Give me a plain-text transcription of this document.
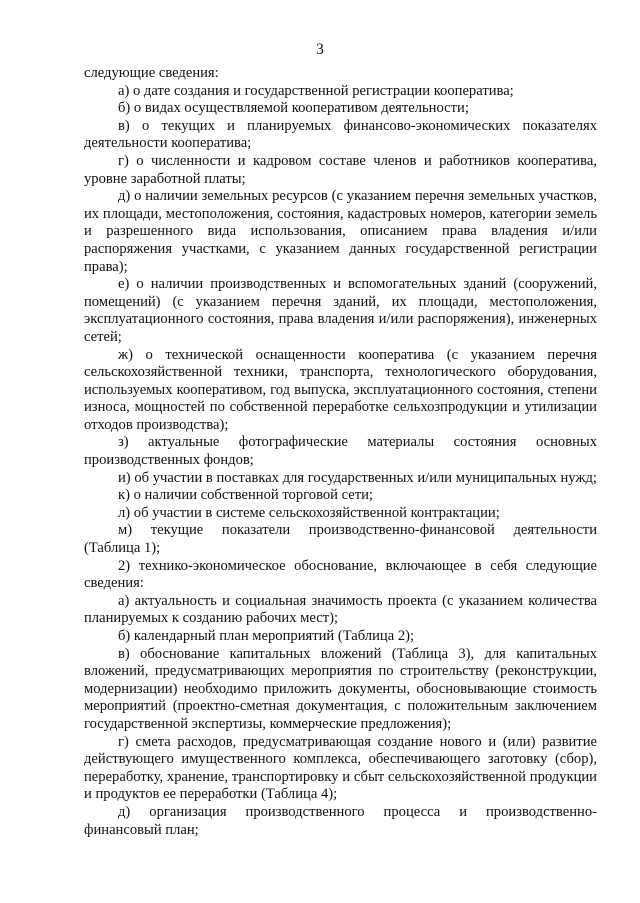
3

следующие сведения:

а) о дате создания и государственной регистрации кооператива;

б) о видах осуществляемой кооперативом деятельности;

в) о текущих и планируемых финансово-экономических показателях деятельности кооператива;

г) о численности и кадровом составе членов и работников кооператива, уровне заработной платы;

д) о наличии земельных ресурсов (с указанием перечня земельных участков, их площади, местоположения, состояния, кадастровых номеров, категории земель и разрешенного вида использования, описанием права владения и/или распоряжения участками, с указанием данных государственной регистрации права);

е) о наличии производственных и вспомогательных зданий (сооружений, помещений) (с указанием перечня зданий, их площади, местоположения, эксплуатационного состояния, права владения и/или распоряжения), инженерных сетей;

ж) о технической оснащенности кооператива (с указанием перечня сельскохозяйственной техники, транспорта, технологического оборудования, используемых кооперативом, год выпуска, эксплуатационного состояния, степени износа, мощностей по собственной переработке сельхозпродукции и утилизации отходов производства);

з) актуальные фотографические материалы состояния основных производственных фондов;

и) об участии в поставках для государственных и/или муниципальных нужд;

к) о наличии собственной торговой сети;

л) об участии в системе сельскохозяйственной контрактации;

м) текущие показатели производственно-финансовой деятельности (Таблица 1);

2) технико-экономическое обоснование, включающее в себя следующие сведения:

а) актуальность и социальная значимость проекта (с указанием количества планируемых к созданию рабочих мест);

б) календарный план мероприятий (Таблица 2);

в) обоснование капитальных вложений (Таблица 3), для капитальных вложений, предусматривающих мероприятия по строительству (реконструкции, модернизации) необходимо приложить документы, обосновывающие стоимость мероприятий (проектно-сметная документация, с положительным заключением государственной экспертизы, коммерческие предложения);

г) смета расходов, предусматривающая создание нового и (или) развитие действующего имущественного комплекса, обеспечивающего заготовку (сбор), переработку, хранение, транспортировку и сбыт сельскохозяйственной продукции и продуктов ее переработки (Таблица 4);

д) организация производственного процесса и производственно-финансовый план;
